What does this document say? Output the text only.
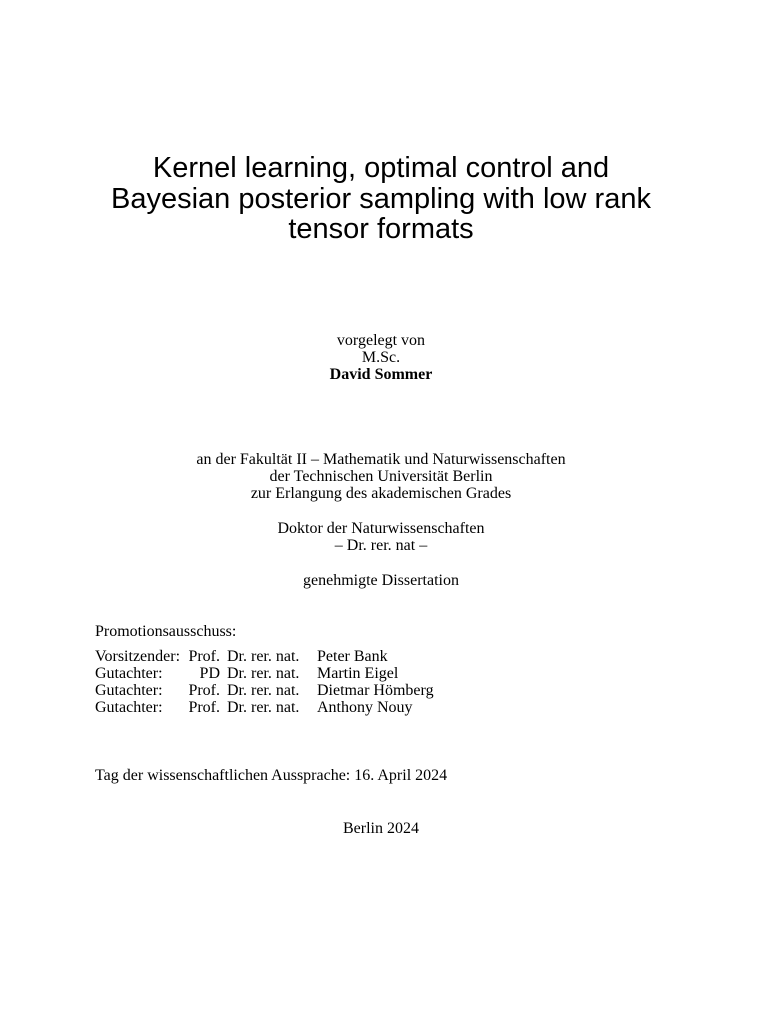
Kernel learning, optimal control and
Bayesian posterior sampling with low rank
tensor formats
vorgelegt von
M.Sc.
David Sommer
an der Fakultät II – Mathematik und Naturwissenschaften
der Technischen Universität Berlin
zur Erlangung des akademischen Grades
Doktor der Naturwissenschaften
– Dr. rer. nat –
genehmigte Dissertation
Promotionsausschuss:
Vorsitzender: Prof. Dr. rer. nat.	Peter Bank
Gutachter:	PD Dr. rer. nat.	Martin Eigel
Gutachter:	Prof. Dr. rer. nat.	Dietmar Hömberg
Gutachter:	Prof. Dr. rer. nat.	Anthony Nouy
Tag der wissenschaftlichen Aussprache: 16. April 2024
Berlin 2024
